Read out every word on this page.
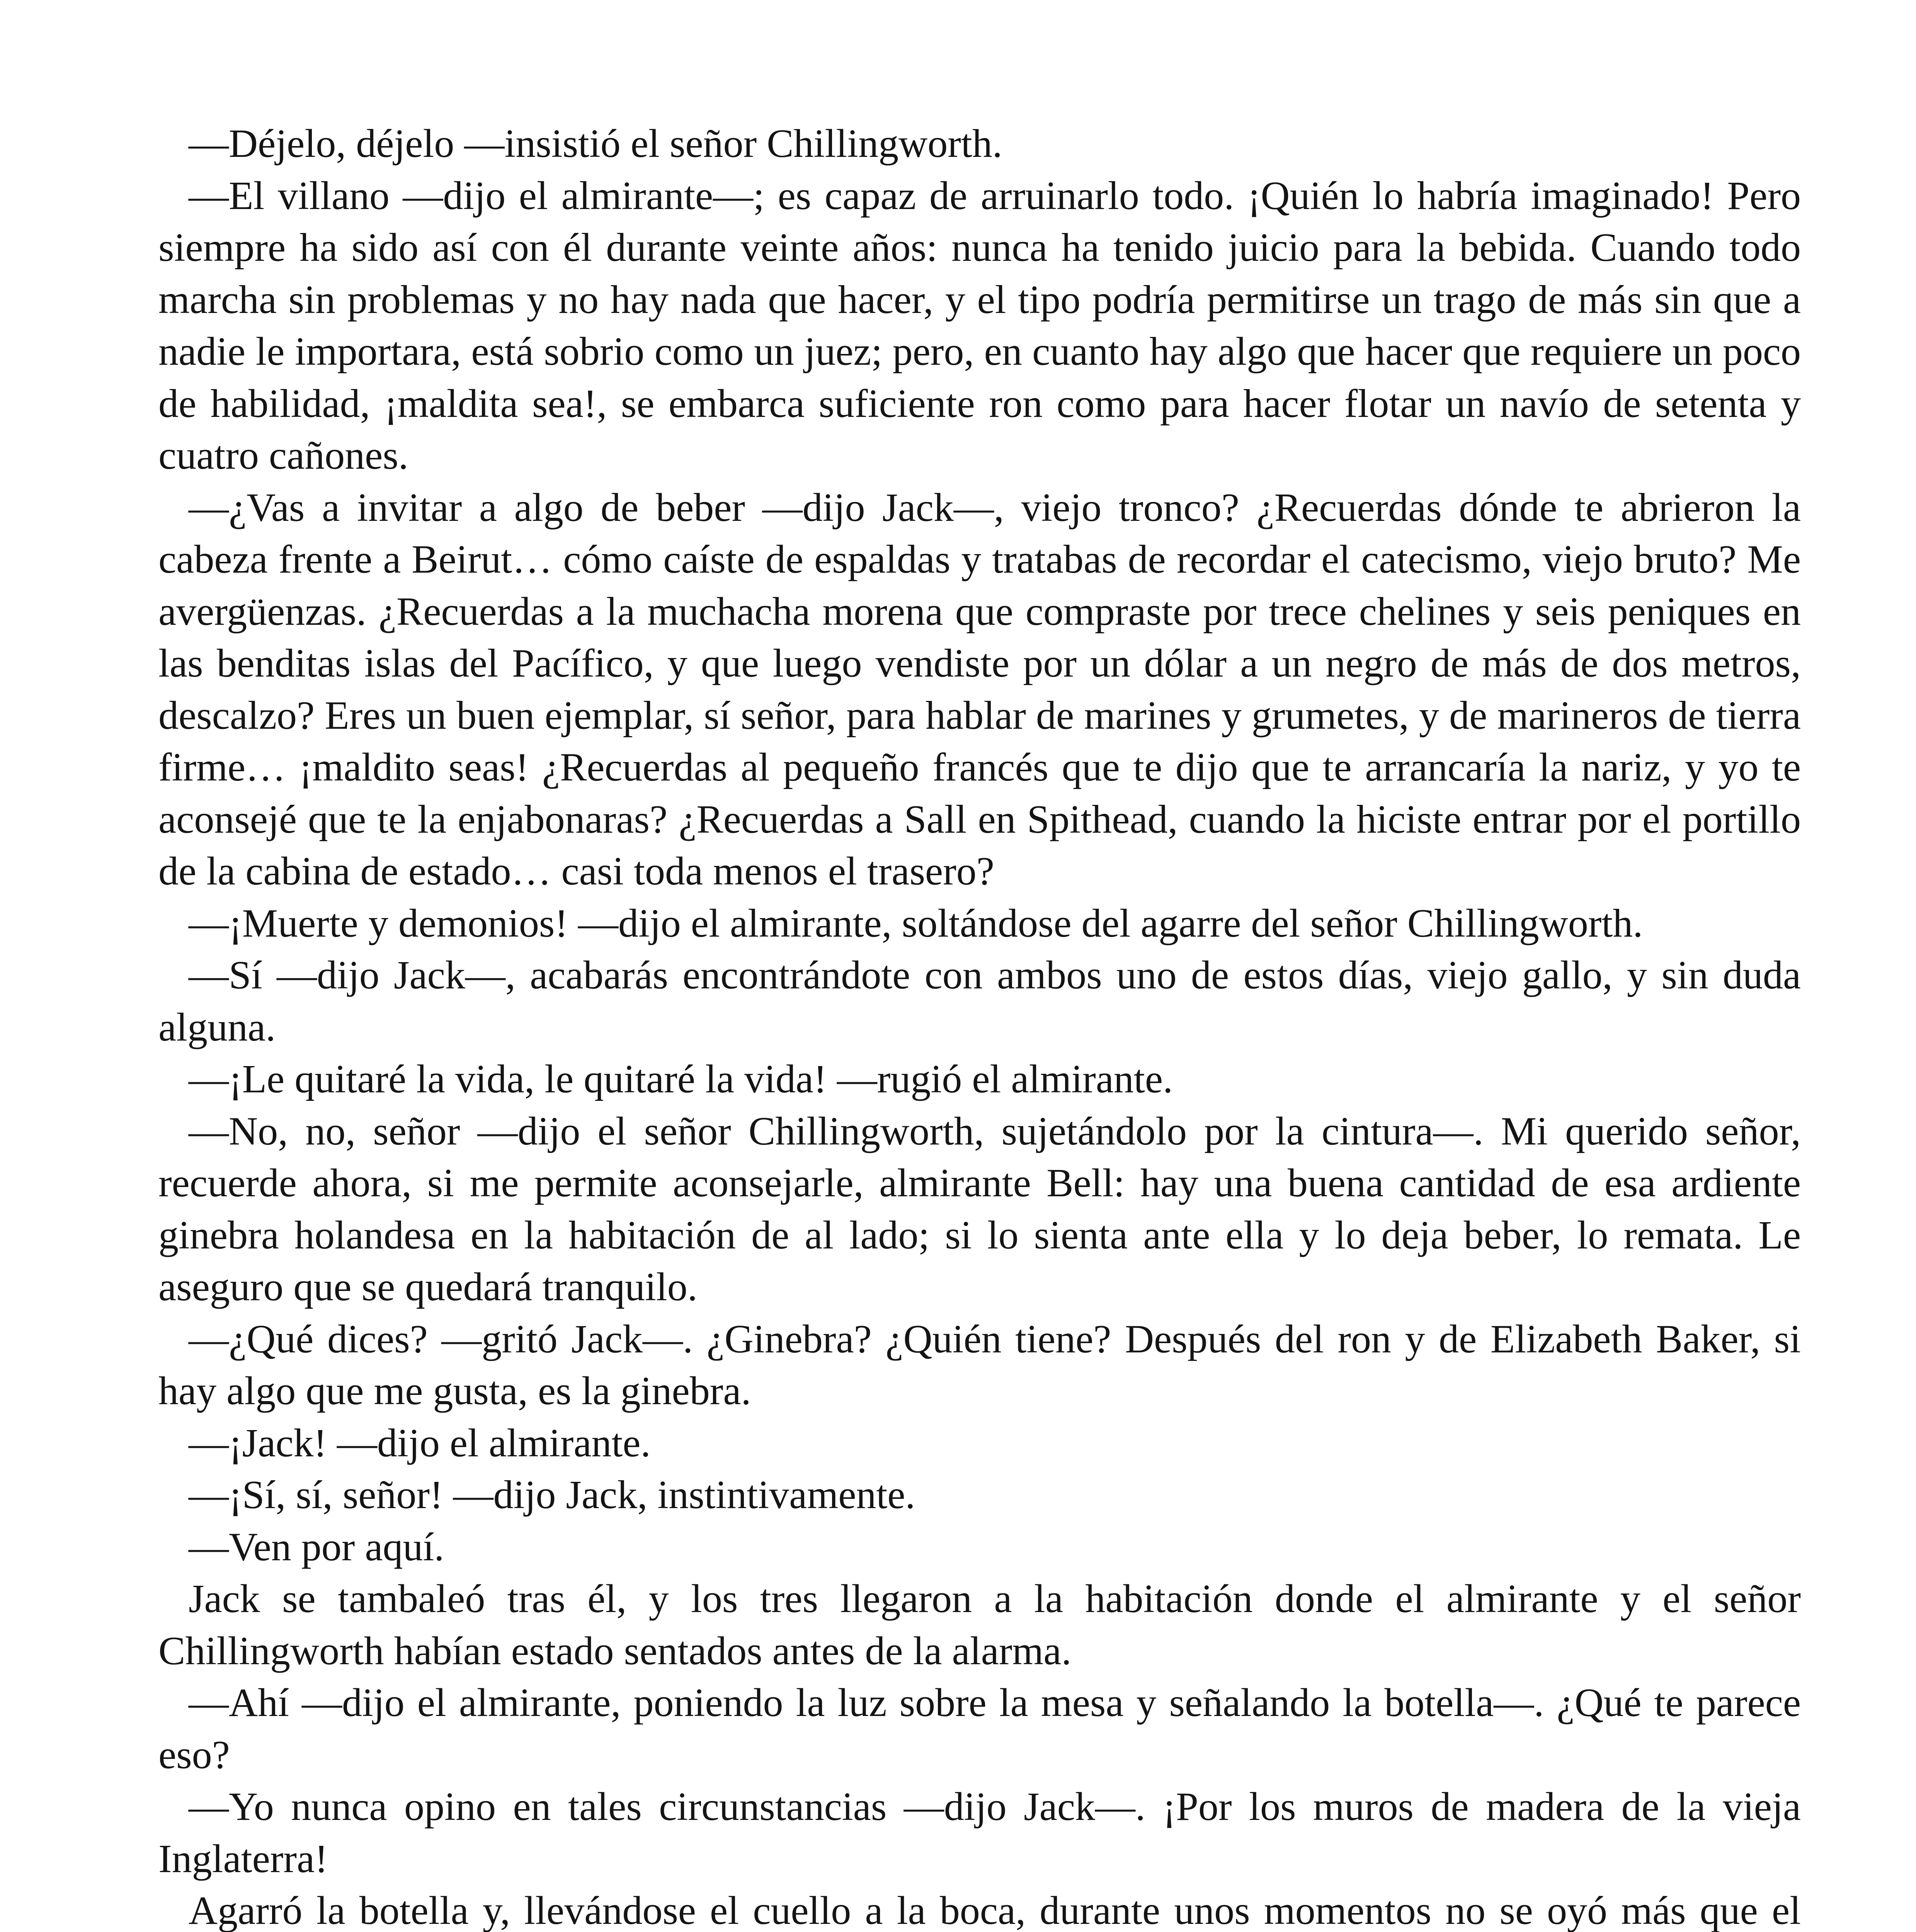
—Déjelo, déjelo —insistió el señor Chillingworth.

—El villano —dijo el almirante—; es capaz de arruinarlo todo. ¡Quién lo habría imaginado! Pero siempre ha sido así con él durante veinte años: nunca ha tenido juicio para la bebida. Cuando todo marcha sin problemas y no hay nada que hacer, y el tipo podría permitirse un trago de más sin que a nadie le importara, está sobrio como un juez; pero, en cuanto hay algo que hacer que requiere un poco de habilidad, ¡maldita sea!, se embarca suficiente ron como para hacer flotar un navío de setenta y cuatro cañones.

—¿Vas a invitar a algo de beber —dijo Jack—, viejo tronco? ¿Recuerdas dónde te abrieron la cabeza frente a Beirut… cómo caíste de espaldas y tratabas de recordar el catecismo, viejo bruto? Me avergüenzas. ¿Recuerdas a la muchacha morena que compraste por trece chelines y seis peniques en las benditas islas del Pacífico, y que luego vendiste por un dólar a un negro de más de dos metros, descalzo? Eres un buen ejemplar, sí señor, para hablar de marines y grumetes, y de marineros de tierra firme… ¡maldito seas! ¿Recuerdas al pequeño francés que te dijo que te arrancaría la nariz, y yo te aconsejé que te la enjabonaras? ¿Recuerdas a Sall en Spithead, cuando la hiciste entrar por el portillo de la cabina de estado… casi toda menos el trasero?

—¡Muerte y demonios! —dijo el almirante, soltándose del agarre del señor Chillingworth.

—Sí —dijo Jack—, acabarás encontrándote con ambos uno de estos días, viejo gallo, y sin duda alguna.

—¡Le quitaré la vida, le quitaré la vida! —rugió el almirante.

—No, no, señor —dijo el señor Chillingworth, sujetándolo por la cintura—. Mi querido señor, recuerde ahora, si me permite aconsejarle, almirante Bell: hay una buena cantidad de esa ardiente ginebra holandesa en la habitación de al lado; si lo sienta ante ella y lo deja beber, lo remata. Le aseguro que se quedará tranquilo.

—¿Qué dices? —gritó Jack—. ¿Ginebra? ¿Quién tiene? Después del ron y de Elizabeth Baker, si hay algo que me gusta, es la ginebra.

—¡Jack! —dijo el almirante.

—¡Sí, sí, señor! —dijo Jack, instintivamente.

—Ven por aquí.

Jack se tambaleó tras él, y los tres llegaron a la habitación donde el almirante y el señor Chillingworth habían estado sentados antes de la alarma.

—Ahí —dijo el almirante, poniendo la luz sobre la mesa y señalando la botella—. ¿Qué te parece eso?

—Yo nunca opino en tales circunstancias —dijo Jack—. ¡Por los muros de madera de la vieja Inglaterra!

Agarró la botella y, llevándose el cuello a la boca, durante unos momentos no se oyó más que el
